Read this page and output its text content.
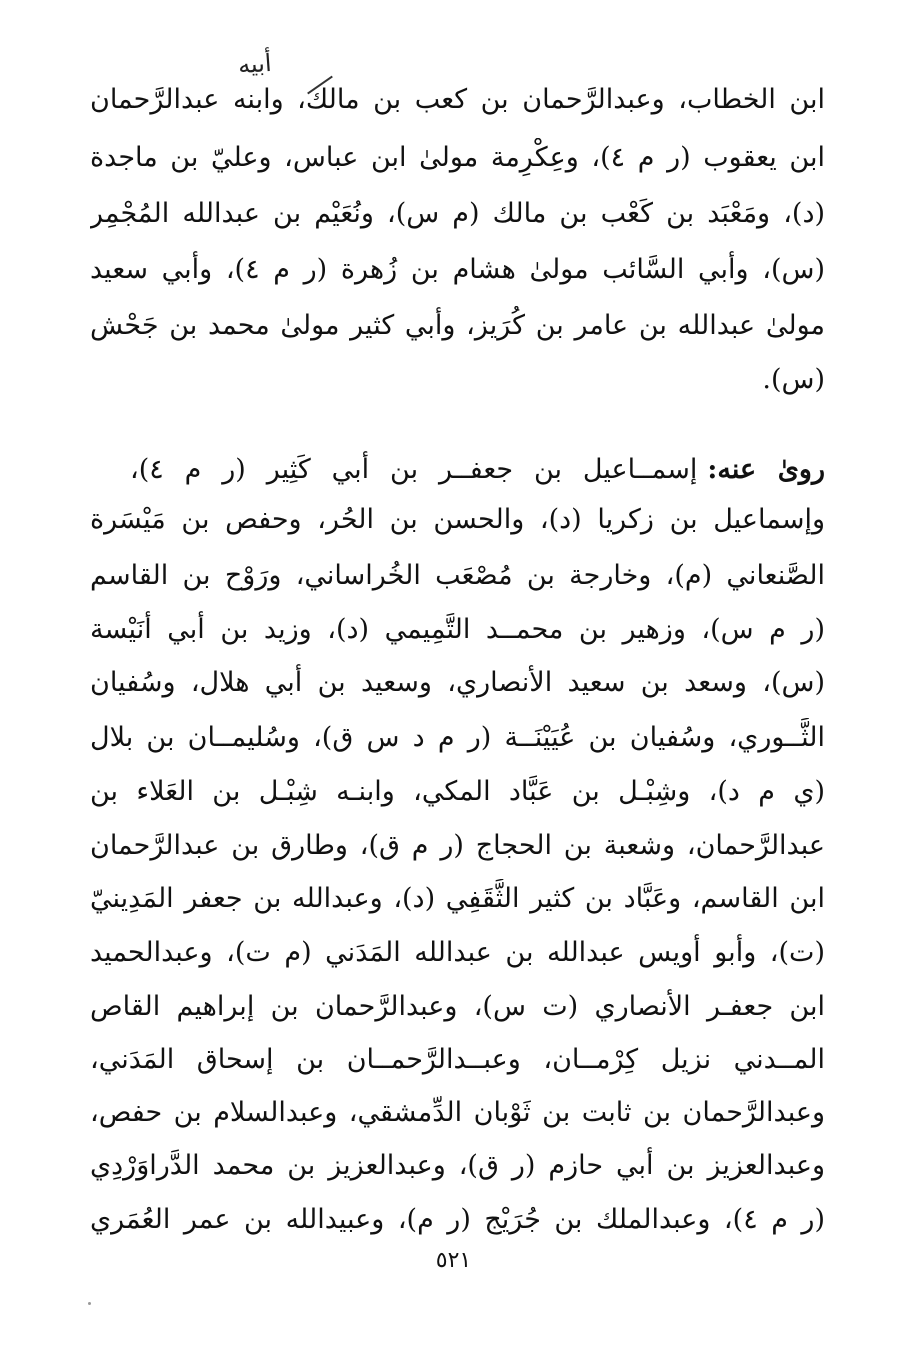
أبيه
ابن الخطاب، وعبدالرَّحمان بن كعب بن مالك، وابنه عبدالرَّحمان
ابن يعقوب (ر م ٤)، وعِكْرِمة مولىٰ ابن عباس، وعليّ بن ماجدة
(د)، ومَعْبَد بن كَعْب بن مالك (م س)، ونُعَيْم بن عبدالله المُجْمِر
(س)، وأبي السَّائب مولىٰ هشام بن زُهرة (ر م ٤)، وأبي سعيد
مولىٰ عبدالله بن عامر بن كُرَيز، وأبي كثير مولىٰ محمد بن جَحْش
(س).
روىٰ عنه:إسمــاعيل بن جعفــر بن أبي كَثِير (ر م ٤)،
وإسماعيل بن زكريا (د)، والحسن بن الحُر، وحفص بن مَيْسَرة
الصَّنعاني (م)، وخارجة بن مُصْعَب الخُراساني، ورَوْح بن القاسم
(ر م س)، وزهير بن محمــد التَّمِيمي (د)، وزيد بن أبي أُنَيْسة
(س)، وسعد بن سعيد الأنصاري، وسعيد بن أبي هلال، وسُفيان
الثَّــوري، وسُفيان بن عُيَيْنَــة (ر م د س ق)، وسُليمــان بن بلال
(ي م د)، وشِبْـل بن عَبَّاد المكي، وابنـه شِبْـل بن العَلاء بن
عبدالرَّحمان، وشعبة بن الحجاج (ر م ق)، وطارق بن عبدالرَّحمان
ابن القاسم، وعَبَّاد بن كثير الثَّقَفِي (د)، وعبدالله بن جعفر المَدِينيّ
(ت)، وأبو أُويس عبدالله بن عبدالله المَدَني (م ت)، وعبدالحميد
ابن جعفـر الأنصاري (ت س)، وعبدالرَّحمان بن إبراهيم القاص
المــدني نزيل كِرْمــان، وعبــدالرَّحمــان بن إسحاق المَدَني،
وعبدالرَّحمان بن ثابت بن ثَوْبان الدِّمشقي، وعبدالسلام بن حفص،
وعبدالعزيز بن أبي حازم (ر ق)، وعبدالعزيز بن محمد الدَّراوَرْدِي
(ر م ٤)، وعبدالملك بن جُرَيْج (ر م)، وعبيدالله بن عمر العُمَري
٥٢١
